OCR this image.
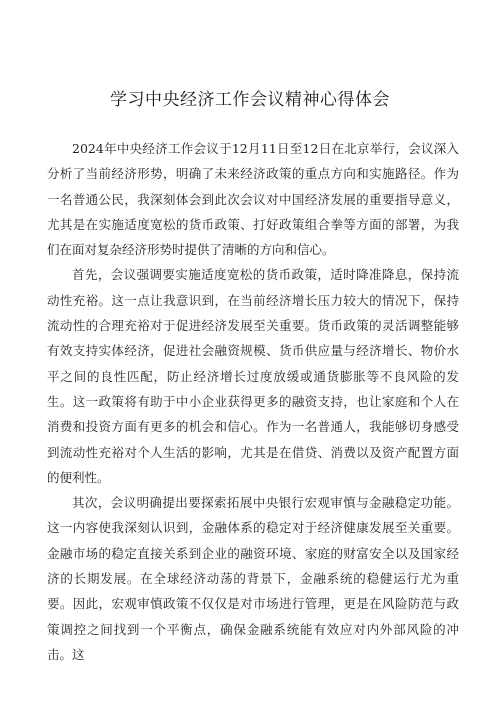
学习中央经济工作会议精神心得体会

2024年中央经济工作会议于12月11日至12日在北京举行，会议深入分析了当前经济形势，明确了未来经济政策的重点方向和实施路径。作为一名普通公民，我深刻体会到此次会议对中国经济发展的重要指导意义，尤其是在实施适度宽松的货币政策、打好政策组合拳等方面的部署，为我们在面对复杂经济形势时提供了清晰的方向和信心。

首先，会议强调要实施适度宽松的货币政策，适时降准降息，保持流动性充裕。这一点让我意识到，在当前经济增长压力较大的情况下，保持流动性的合理充裕对于促进经济发展至关重要。货币政策的灵活调整能够有效支持实体经济，促进社会融资规模、货币供应量与经济增长、物价水平之间的良性匹配，防止经济增长过度放缓或通货膨胀等不良风险的发生。这一政策将有助于中小企业获得更多的融资支持，也让家庭和个人在消费和投资方面有更多的机会和信心。作为一名普通人，我能够切身感受到流动性充裕对个人生活的影响，尤其是在借贷、消费以及资产配置方面的便利性。

其次，会议明确提出要探索拓展中央银行宏观审慎与金融稳定功能。这一内容使我深刻认识到，金融体系的稳定对于经济健康发展至关重要。金融市场的稳定直接关系到企业的融资环境、家庭的财富安全以及国家经济的长期发展。在全球经济动荡的背景下，金融系统的稳健运行尤为重要。因此，宏观审慎政策不仅仅是对市场进行管理，更是在风险防范与政策调控之间找到一个平衡点，确保金融系统能有效应对内外部风险的冲击。这
